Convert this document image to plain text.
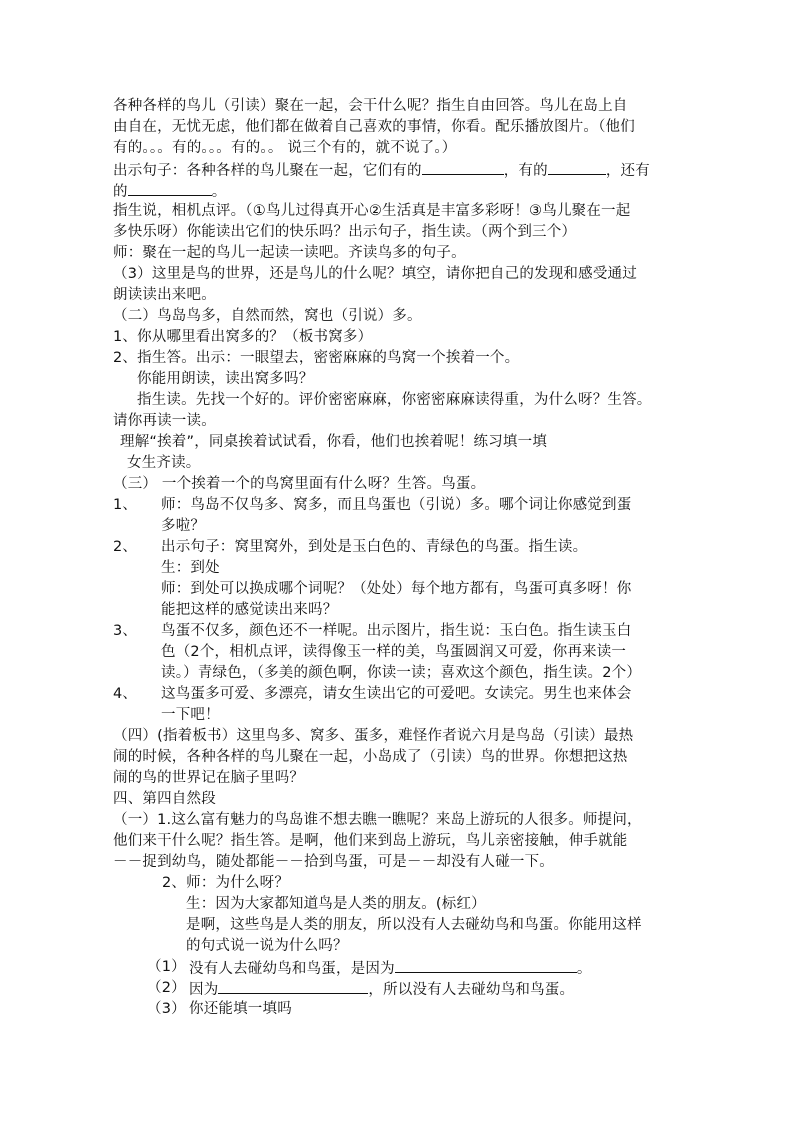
各种各样的鸟儿（引读）聚在一起，会干什么呢？指生自由回答。鸟儿在岛上自
由自在，无忧无虑，他们都在做着自己喜欢的事情，你看。配乐播放图片。（他们
有的。。。有的。。。有的。。 说三个有的，就不说了。）
出示句子：各种各样的鸟儿聚在一起，它们有的	，有的	，还有
的	。
指生说，相机点评。（①鸟儿过得真开心②生活真是丰富多彩呀！③鸟儿聚在一起
多快乐呀）你能读出它们的快乐吗？出示句子，指生读。（两个到三个）
师：聚在一起的鸟儿一起读一读吧。齐读鸟多的句子。
（3）这里是鸟的世界，还是鸟儿的什么呢？填空，请你把自己的发现和感受通过
朗读读出来吧。
（二）鸟岛鸟多，自然而然，窝也（引说）多。
1、你从哪里看出窝多的？（板书窝多）
2、指生答。出示：一眼望去，密密麻麻的鸟窝一个挨着一个。
你能用朗读，读出窝多吗？
指生读。先找一个好的。评价密密麻麻，你密密麻麻读得重，为什么呀？生答。
请你再读一读。
理解“挨着”，同桌挨着试试看，你看，他们也挨着呢！练习填一填
女生齐读。
（三） 一个挨着一个的鸟窝里面有什么呀？生答。鸟蛋。
1、 师：鸟岛不仅鸟多、窝多，而且鸟蛋也（引说）多。哪个词让你感觉到蛋
多啦？
2、 出示句子：窝里窝外，到处是玉白色的、青绿色的鸟蛋。指生读。
生：到处
师：到处可以换成哪个词呢？（处处）每个地方都有，鸟蛋可真多呀！你
能把这样的感觉读出来吗？
3、 鸟蛋不仅多，颜色还不一样呢。出示图片，指生说：玉白色。指生读玉白
色（2个，相机点评，读得像玉一样的美，鸟蛋圆润又可爱，你再来读一
读。）青绿色，（多美的颜色啊，你读一读；喜欢这个颜色，指生读。2个）
4、 这鸟蛋多可爱、多漂亮，请女生读出它的可爱吧。女读完。男生也来体会
一下吧！
（四）(指着板书）这里鸟多、窝多、蛋多，难怪作者说六月是鸟岛（引读）最热
闹的时候，各种各样的鸟儿聚在一起，小岛成了（引读）鸟的世界。你想把这热
闹的鸟的世界记在脑子里吗？
四、第四自然段
（一）1.这么富有魅力的鸟岛谁不想去瞧一瞧呢？来岛上游玩的人很多。师提问，
他们来干什么呢？指生答。是啊，他们来到岛上游玩，鸟儿亲密接触，伸手就能
－－捉到幼鸟，随处都能－－拾到鸟蛋，可是－－却没有人碰一下。
2、师：为什么呀？
生：因为大家都知道鸟是人类的朋友。(标红）
是啊，这些鸟是人类的朋友，所以没有人去碰幼鸟和鸟蛋。你能用这样
的句式说一说为什么吗？
（1） 没有人去碰幼鸟和鸟蛋，是因为	。
（2） 因为	，所以没有人去碰幼鸟和鸟蛋。
（3） 你还能填一填吗
